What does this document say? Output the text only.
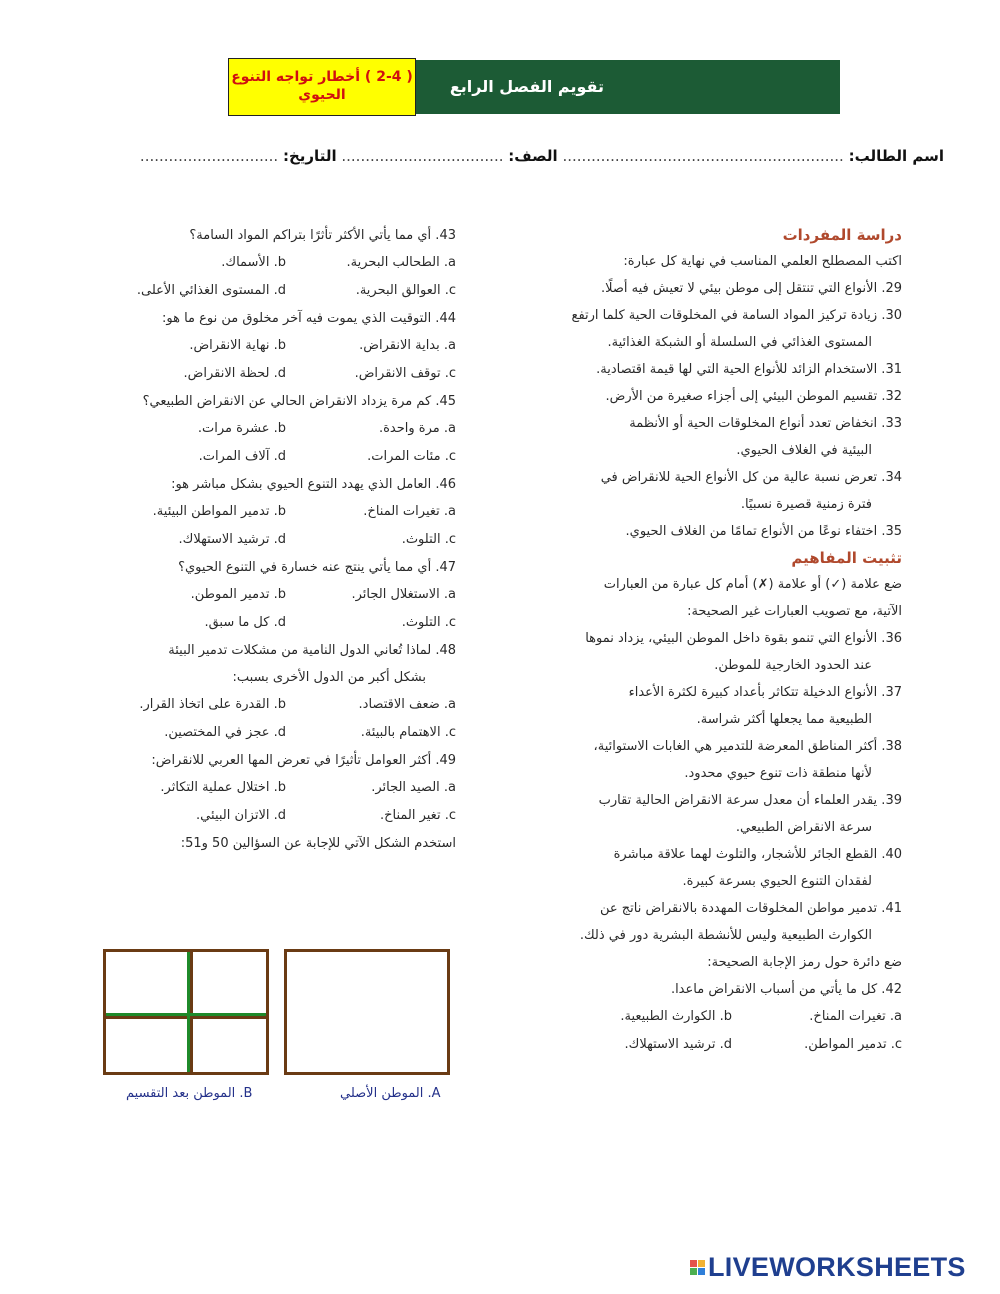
( 2-4 ) أخطار تواجه التنوع الحيوي	تقويم الفصل الرابع
اسم الطالب: ........................................................... الصف: .................................. التاريخ: .............................
دراسة المفردات
اكتب المصطلح العلمي المناسب في نهاية كل عبارة:
29. الأنواع التي تنتقل إلى موطن بيئي لا تعيش فيه أصلًا.
30. زيادة تركيز المواد السامة في المخلوقات الحية كلما ارتفع
المستوى الغذائي في السلسلة أو الشبكة الغذائية.
31. الاستخدام الزائد للأنواع الحية التي لها قيمة اقتصادية.
32. تقسيم الموطن البيئي إلى أجزاء صغيرة من الأرض.
33. انخفاض تعدد أنواع المخلوقات الحية أو الأنظمة
البيئية في الغلاف الحيوي.
34. تعرض نسبة عالية من كل الأنواع الحية للانقراض في
فترة زمنية قصيرة نسبيًا.
35. اختفاء نوعًا من الأنواع تمامًا من الغلاف الحيوي.
تثبيت المفاهيم
ضع علامة (✓) أو علامة (✗) أمام كل عبارة من العبارات
الآتية، مع تصويب العبارات غير الصحيحة:
36. الأنواع التي تنمو بقوة داخل الموطن البيئي، يزداد نموها
عند الحدود الخارجية للموطن.
37. الأنواع الدخيلة تتكاثر بأعداد كبيرة لكثرة الأعداء
الطبيعية مما يجعلها أكثر شراسة.
38. أكثر المناطق المعرضة للتدمير هي الغابات الاستوائية،
لأنها منطقة ذات تنوع حيوي محدود.
39. يقدر العلماء أن معدل سرعة الانقراض الحالية تقارب
سرعة الانقراض الطبيعي.
40. القطع الجائر للأشجار، والتلوث لهما علاقة مباشرة
لفقدان التنوع الحيوي بسرعة كبيرة.
41. تدمير مواطن المخلوقات المهددة بالانقراض ناتج عن
الكوارث الطبيعية وليس للأنشطة البشرية دور في ذلك.
ضع دائرة حول رمز الإجابة الصحيحة:
42. كل ما يأتي من أسباب الانقراض ماعدا.
a. تغيرات المناخ.
b. الكوارث الطبيعية.
c. تدمير المواطن.
d. ترشيد الاستهلاك.
43. أي مما يأتي الأكثر تأثرًا بتراكم المواد السامة؟
a. الطحالب البحرية.
b. الأسماك.
c. العوالق البحرية.
d. المستوى الغذائي الأعلى.
44. التوقيت الذي يموت فيه آخر مخلوق من نوع ما هو:
a. بداية الانقراض.
b. نهاية الانقراض.
c. توقف الانقراض.
d. لحظة الانقراض.
45. كم مرة يزداد الانقراض الحالي عن الانقراض الطبيعي؟
a. مرة واحدة.
b. عشرة مرات.
c. مئات المرات.
d. آلاف المرات.
46. العامل الذي يهدد التنوع الحيوي بشكل مباشر هو:
a. تغيرات المناخ.
b. تدمير المواطن البيئية.
c. التلوث.
d. ترشيد الاستهلاك.
47. أي مما يأتي ينتج عنه خسارة في التنوع الحيوي؟
a. الاستغلال الجائر.
b. تدمير الموطن.
c. التلوث.
d. كل ما سبق.
48. لماذا تُعاني الدول النامية من مشكلات تدمير البيئة
بشكل أكبر من الدول الأخرى بسبب:
a. ضعف الاقتصاد.
b. القدرة على اتخاذ القرار.
c. الاهتمام بالبيئة.
d. عجز في المختصين.
49. أكثر العوامل تأثيرًا في تعرض المها العربي للانقراض:
a. الصيد الجائر.
b. اختلال عملية التكاثر.
c. تغير المناخ.
d. الاتزان البيئي.
استخدم الشكل الآتي للإجابة عن السؤالين 50 و51:
A. الموطن الأصلي
B. الموطن بعد التقسيم
LIVEWORKSHEETS
